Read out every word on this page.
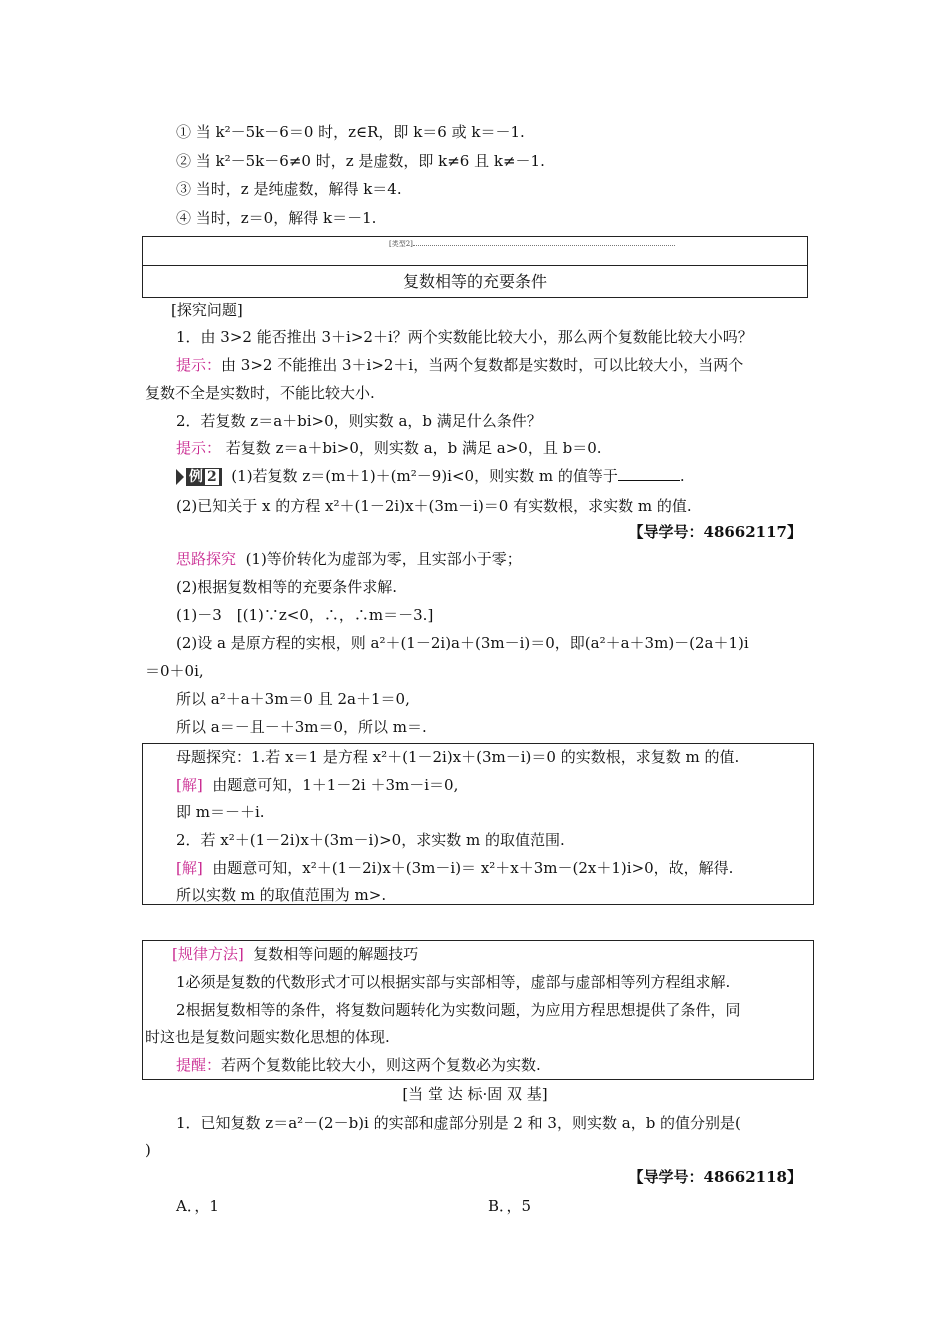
① 当 k²－5k－6＝0 时，z∈R，即 k＝6 或 k＝－1.
② 当 k²－5k－6≠0 时，z 是虚数，即 k≠6 且 k≠－1.
③ 当时，z 是纯虚数，解得 k＝4.
④ 当时，z＝0，解得 k＝－1.
[类型2]
复数相等的充要条件
[探究问题]
1．由 3>2 能否推出 3＋i>2＋i？两个实数能比较大小，那么两个复数能比较大小吗？
提示：由 3>2 不能推出 3＋i>2＋i，当两个复数都是实数时，可以比较大小，当两个
复数不全是实数时，不能比较大小.
2．若复数 z＝a＋bi>0，则实数 a，b 满足什么条件？
提示： 若复数 z＝a＋bi>0，则实数 a，b 满足 a>0，且 b＝0.
例 2 (1)若复数 z＝(m＋1)＋(m²－9)i<0，则实数 m 的值等于	.
(2)已知关于 x 的方程 x²＋(1－2i)x＋(3m－i)＝0 有实数根，求实数 m 的值.
【导学号：48662117】
思路探究 (1)等价转化为虚部为零，且实部小于零；
(2)根据复数相等的充要条件求解.
(1)－3　[(1)∵z<0，∴，∴m＝－3.]
(2)设 a 是原方程的实根，则 a²＋(1－2i)a＋(3m－i)＝0，即(a²＋a＋3m)－(2a＋1)i
＝0＋0i,
所以 a²＋a＋3m＝0 且 2a＋1＝0,
所以 a＝－且－＋3m＝0，所以 m＝.
母题探究：1.若 x＝1 是方程 x²＋(1－2i)x＋(3m－i)＝0 的实数根，求复数 m 的值.
[解] 由题意可知，1＋1－2i ＋3m－i＝0,
即 m＝－＋i.
2．若 x²＋(1－2i)x＋(3m－i)>0，求实数 m 的取值范围.
[解] 由题意可知，x²＋(1－2i)x＋(3m－i)＝ x²＋x＋3m－(2x＋1)i>0，故，解得.
所以实数 m 的取值范围为 m>.
[规律方法] 复数相等问题的解题技巧
1必须是复数的代数形式才可以根据实部与实部相等，虚部与虚部相等列方程组求解.
2根据复数相等的条件，将复数问题转化为实数问题，为应用方程思想提供了条件，同
时这也是复数问题实数化思想的体现.
提醒：若两个复数能比较大小，则这两个复数必为实数.
[当 堂 达 标·固 双 基]
1．已知复数 z＝a²－(2－b)i 的实部和虚部分别是 2 和 3，则实数 a，b 的值分别是(
)
【导学号：48662118】
A．，1	B．，5
